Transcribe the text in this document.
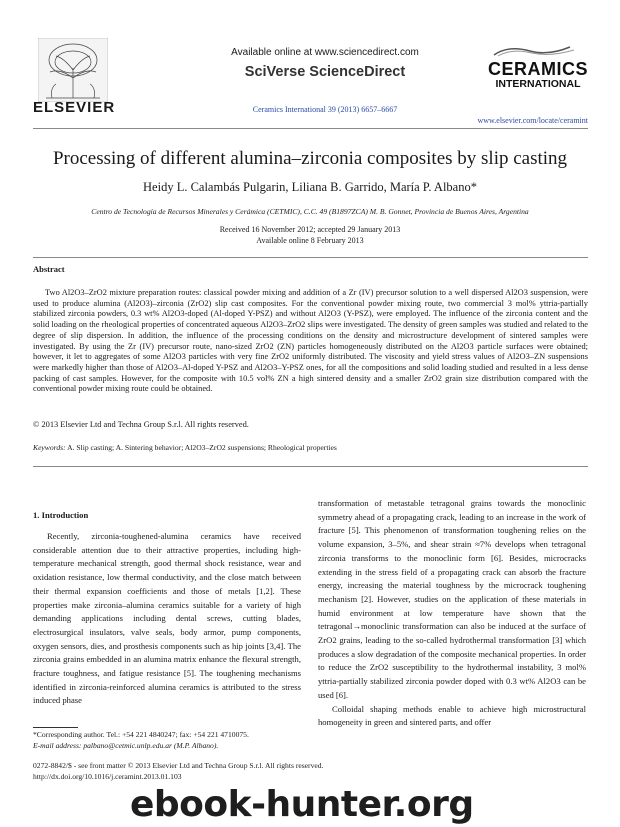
ELSEVIER
Available online at www.sciencedirect.com
SciVerse ScienceDirect
Ceramics International 39 (2013) 6657–6667
CERAMICS
INTERNATIONAL
www.elsevier.com/locate/ceramint
Processing of different alumina–zirconia composites by slip casting
Heidy L. Calambás Pulgarin, Liliana B. Garrido, María P. Albano*
Centro de Tecnología de Recursos Minerales y Cerámica (CETMIC), C.C. 49 (B1897ZCA) M. B. Gonnet, Provincia de Buenos Aires, Argentina
Received 16 November 2012; accepted 29 January 2013
Available online 8 February 2013
Abstract
Two Al2O3–ZrO2 mixture preparation routes: classical powder mixing and addition of a Zr (IV) precursor solution to a well dispersed Al2O3 suspension, were used to produce alumina (Al2O3)–zirconia (ZrO2) slip cast composites. For the conventional powder mixing route, two commercial 3 mol% yttria-partially stabilized zirconia powders, 0.3 wt% Al2O3-doped (Al-doped Y-PSZ) and without Al2O3 (Y-PSZ), were employed. The influence of the zirconia content and the solid loading on the rheological properties of concentrated aqueous Al2O3–ZrO2 slips were investigated. The density of green samples was studied and related to the degree of slip dispersion. In addition, the influence of the processing conditions on the density and microstructure development of sintered samples were investigated. By using the Zr (IV) precursor route, nano-sized ZrO2 (ZN) particles homogeneously distributed on the Al2O3 particle surfaces were obtained; however, it let to aggregates of some Al2O3 particles with very fine ZrO2 uniformly distributed. The viscosity and yield stress values of Al2O3–ZN suspensions were markedly higher than those of Al2O3–Al-doped Y-PSZ and Al2O3–Y-PSZ ones, for all the compositions and solid loading studied and resulted in a less dense packing of cast samples. However, for the composite with 10.5 vol% ZN a high sintered density and a smaller ZrO2 grain size distribution compared with the conventional powder mixing route could be obtained.
© 2013 Elsevier Ltd and Techna Group S.r.l. All rights reserved.
Keywords: A. Slip casting; A. Sintering behavior; Al2O3–ZrO2 suspensions; Rheological properties
1. Introduction

Recently, zirconia-toughened-alumina ceramics have received considerable attention due to their attractive properties, including high-temperature mechanical strength, good thermal shock resistance, wear and oxidation resistance, low thermal conductivity, and the close match between their thermal expansion coefficients and those of metals [1,2]. These properties make zirconia–alumina ceramics suitable for a variety of high demanding applications including dental screws, cutting blades, electrosurgical insulators, valve seals, body armor, pump components, oxygen sensors, dies, and prosthesis components such as hip joints [3,4]. The zirconia grains embedded in an alumina matrix enhance the flexural strength, fracture toughness, and fatigue resistance [5]. The toughening mechanisms identified in zirconia-reinforced alumina ceramics is attributed to the stress induced phase

transformation of metastable tetragonal grains towards the monoclinic symmetry ahead of a propagating crack, leading to an increase in the work of fracture [5]. This phenomenon of transformation toughening relies on the volume expansion, 3–5%, and shear strain ≈7% develops when tetragonal zirconia transforms to the monoclinic form [6]. Besides, microcracks extending in the stress field of a propagating crack can absorb the fracture energy, increasing the material toughness by the microcrack toughening mechanism [2]. However, studies on the application of these materials in humid environment at low temperature have shown that the tetragonal→monoclinic transformation can also be induced at the surface of ZrO2 grains, leading to the so-called hydrothermal transformation [3] which produces a slow degradation of the composite mechanical properties. In order to reduce the ZrO2 susceptibility to the hydrothermal instability, 3 mol% yttria-partially stabilized zirconia powder doped with 0.3 wt% Al2O3 can be used [6].

Colloidal shaping methods enable to achieve high microstructural homogeneity in green and sintered parts, and offer

*Corresponding author. Tel.: +54 221 4840247; fax: +54 221 4710075.
E-mail address: palbano@cetmic.unlp.edu.ar (M.P. Albano).
0272-8842/$ - see front matter © 2013 Elsevier Ltd and Techna Group S.r.l. All rights reserved.
http://dx.doi.org/10.1016/j.ceramint.2013.01.103
ebook-hunter.org
